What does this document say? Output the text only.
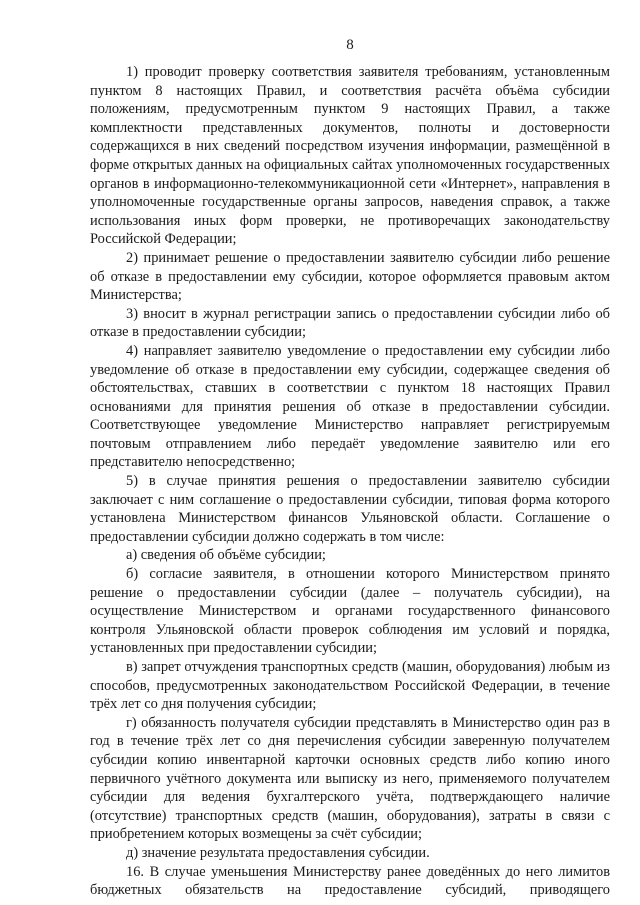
8

1) проводит проверку соответствия заявителя требованиям, установленным пунктом 8 настоящих Правил, и соответствия расчёта объёма субсидии положениям, предусмотренным пунктом 9 настоящих Правил, а также комплектности представленных документов, полноты и достоверности содержащихся в них сведений посредством изучения информации, размещённой в форме открытых данных на официальных сайтах уполномоченных государственных органов в информационно-телекоммуникационной сети «Интернет», направления в уполномоченные государственные органы запросов, наведения справок, а также использования иных форм проверки, не противоречащих законодательству Российской Федерации;

2) принимает решение о предоставлении заявителю субсидии либо решение об отказе в предоставлении ему субсидии, которое оформляется правовым актом Министерства;

3) вносит в журнал регистрации запись о предоставлении субсидии либо об отказе в предоставлении субсидии;

4) направляет заявителю уведомление о предоставлении ему субсидии либо уведомление об отказе в предоставлении ему субсидии, содержащее сведения об обстоятельствах, ставших в соответствии с пунктом 18 настоящих Правил основаниями для принятия решения об отказе в предоставлении субсидии. Соответствующее уведомление Министерство направляет регистрируемым почтовым отправлением либо передаёт уведомление заявителю или его представителю непосредственно;

5) в случае принятия решения о предоставлении заявителю субсидии заключает с ним соглашение о предоставлении субсидии, типовая форма которого установлена Министерством финансов Ульяновской области. Соглашение о предоставлении субсидии должно содержать в том числе:

а) сведения об объёме субсидии;

б) согласие заявителя, в отношении которого Министерством принято решение о предоставлении субсидии (далее – получатель субсидии), на осуществление Министерством и органами государственного финансового контроля Ульяновской области проверок соблюдения им условий и порядка, установленных при предоставлении субсидии;

в) запрет отчуждения транспортных средств (машин, оборудования) любым из способов, предусмотренных законодательством Российской Федерации, в течение трёх лет со дня получения субсидии;

г) обязанность получателя субсидии представлять в Министерство один раз в год в течение трёх лет со дня перечисления субсидии заверенную получателем субсидии копию инвентарной карточки основных средств либо копию иного первичного учётного документа или выписку из него, применяемого получателем субсидии для ведения бухгалтерского учёта, подтверждающего наличие (отсутствие) транспортных средств (машин, оборудования), затраты в связи с приобретением которых возмещены за счёт субсидии;

д) значение результата предоставления субсидии.

16. В случае уменьшения Министерству ранее доведённых до него лимитов бюджетных обязательств на предоставление субсидий, приводящего
